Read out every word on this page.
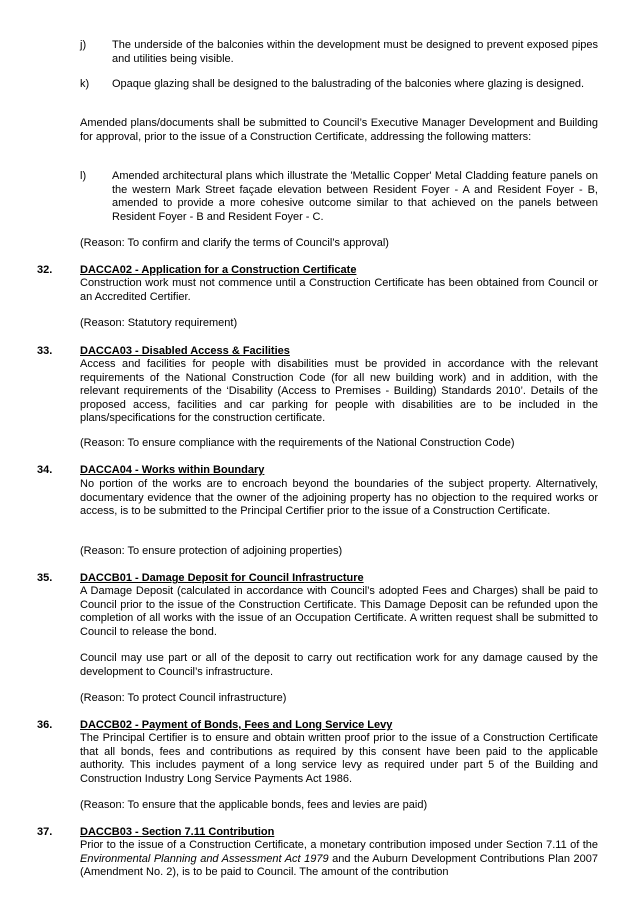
j) The underside of the balconies within the development must be designed to prevent exposed pipes and utilities being visible.
k) Opaque glazing shall be designed to the balustrading of the balconies where glazing is designed.

Amended plans/documents shall be submitted to Council’s Executive Manager Development and Building for approval, prior to the issue of a Construction Certificate, addressing the following matters:

l) Amended architectural plans which illustrate the 'Metallic Copper' Metal Cladding feature panels on the western Mark Street façade elevation between Resident Foyer - A and Resident Foyer - B, amended to provide a more cohesive outcome similar to that achieved on the panels between Resident Foyer - B and Resident Foyer - C.

(Reason: To confirm and clarify the terms of Council’s approval)

32.	DACCA02 - Application for a Construction Certificate

Construction work must not commence until a Construction Certificate has been obtained from Council or an Accredited Certifier.

(Reason: Statutory requirement)

33.	DACCA03 - Disabled Access & Facilities

Access and facilities for people with disabilities must be provided in accordance with the relevant requirements of the National Construction Code (for all new building work) and in addition, with the relevant requirements of the ‘Disability (Access to Premises - Building) Standards 2010’. Details of the proposed access, facilities and car parking for people with disabilities are to be included in the plans/specifications for the construction certificate.

(Reason: To ensure compliance with the requirements of the National Construction Code)

34.	DACCA04 - Works within Boundary

No portion of the works are to encroach beyond the boundaries of the subject property. Alternatively, documentary evidence that the owner of the adjoining property has no objection to the required works or access, is to be submitted to the Principal Certifier prior to the issue of a Construction Certificate.

(Reason: To ensure protection of adjoining properties)

35.	DACCB01 - Damage Deposit for Council Infrastructure

A Damage Deposit (calculated in accordance with Council’s adopted Fees and Charges) shall be paid to Council prior to the issue of the Construction Certificate. This Damage Deposit can be refunded upon the completion of all works with the issue of an Occupation Certificate. A written request shall be submitted to Council to release the bond.

Council may use part or all of the deposit to carry out rectification work for any damage caused by the development to Council’s infrastructure.

(Reason: To protect Council infrastructure)

36.	DACCB02 - Payment of Bonds, Fees and Long Service Levy

The Principal Certifier is to ensure and obtain written proof prior to the issue of a Construction Certificate that all bonds, fees and contributions as required by this consent have been paid to the applicable authority. This includes payment of a long service levy as required under part 5 of the Building and Construction Industry Long Service Payments Act 1986.

(Reason: To ensure that the applicable bonds, fees and levies are paid)

37.	DACCB03 - Section 7.11 Contribution

Prior to the issue of a Construction Certificate, a monetary contribution imposed under Section 7.11 of the Environmental Planning and Assessment Act 1979 and the Auburn Development Contributions Plan 2007 (Amendment No. 2), is to be paid to Council. The amount of the contribution
